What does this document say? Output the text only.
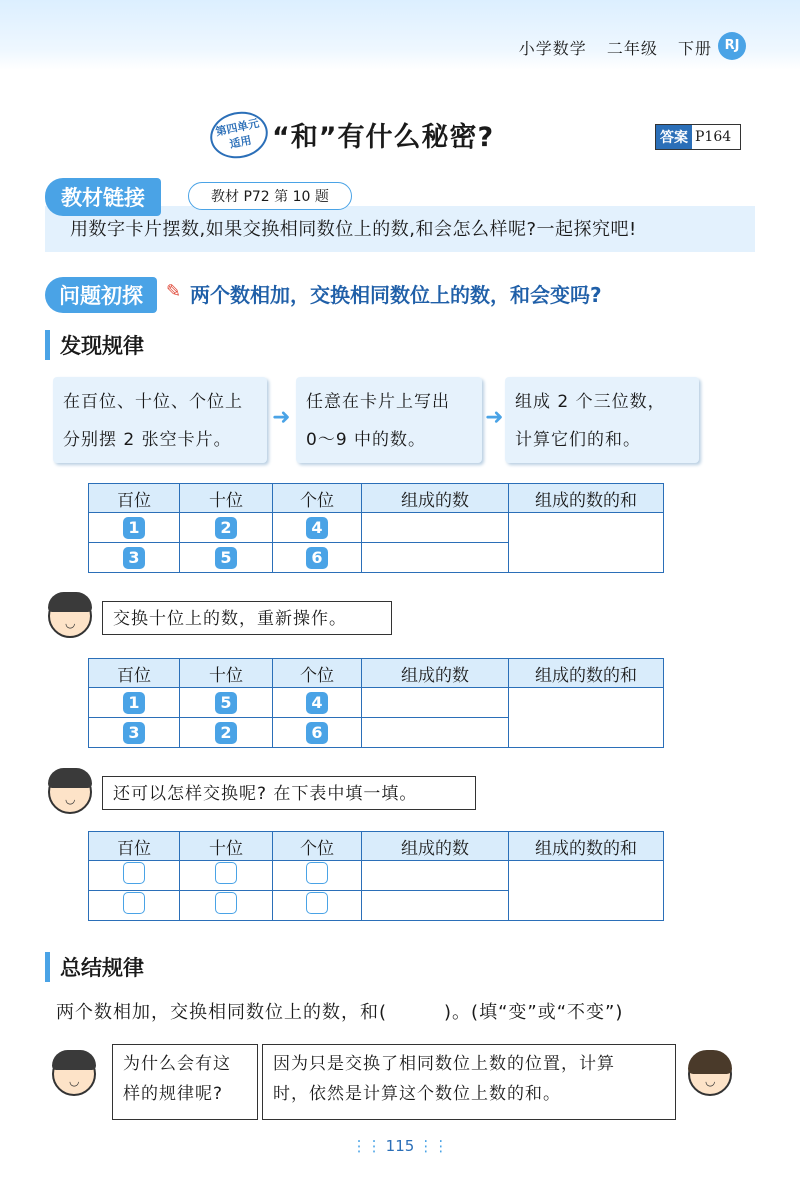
小学数学 二年级 下册 RJ
第四单元
适用 “和”有什么秘密?	答案 P164
教材链接	教材 P72 第 10 题
用数字卡片摆数,如果交换相同数位上的数,和会怎么样呢?一起探究吧!
问题初探	✎ 两个数相加，交换相同数位上的数，和会变吗?
发现规律
在百位、十位、个位上
分别摆 2 张空卡片。
➜
任意在卡片上写出
0～9 中的数。
➜
组成 2 个三位数，
计算它们的和。
百位	十位	个位	组成的数	组成的数的和
1	2	4		
3	5	6		
◡
交换十位上的数，重新操作。
百位	十位	个位	组成的数	组成的数的和
1	5	4		
3	2	6		
◡
还可以怎样交换呢? 在下表中填一填。
百位	十位	个位	组成的数	组成的数的和

总结规律
两个数相加，交换相同数位上的数，和(　　　)。(填“变”或“不变”)
◡
为什么会有这
样的规律呢?
因为只是交换了相同数位上数的位置，计算
时，依然是计算这个数位上数的和。
◡
⋮⋮ 115 ⋮⋮
